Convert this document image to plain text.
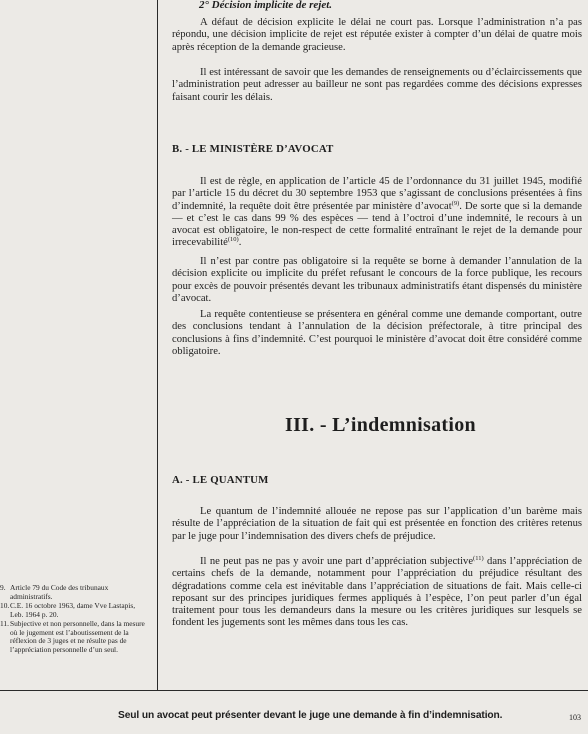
2° Décision implicite de rejet.

A défaut de décision explicite le délai ne court pas. Lorsque l’administration n’a pas répondu, une décision implicite de rejet est réputée exister à compter d’un délai de quatre mois après réception de la demande gracieuse.

Il est intéressant de savoir que les demandes de renseignements ou d’éclaircissements que l’administration peut adresser au bailleur ne sont pas regardées comme des décisions expresses faisant courir les délais.

B. - LE MINISTÈRE D’AVOCAT

Il est de règle, en application de l’article 45 de l’ordonnance du 31 juillet 1945, modifié par l’article 15 du décret du 30 septembre 1953 que s’agissant de conclusions présentées à fins d’indemnité, la requête doit être présentée par ministère d’avocat$^{(9)}$. De sorte que si la demande — et c’est le cas dans 99 % des espèces — tend à l’octroi d’une indemnité, le recours à un avocat est obligatoire, le non-respect de cette formalité entraînant le rejet de la demande pour irrecevabilité$^{(10)}$.

Il n’est par contre pas obligatoire si la requête se borne à demander l’annulation de la décision explicite ou implicite du préfet refusant le concours de la force publique, les recours pour excès de pouvoir présentés devant les tribunaux administratifs étant dispensés du ministère d’avocat.

La requête contentieuse se présentera en général comme une demande comportant, outre des conclusions tendant à l’annulation de la décision préfectorale, à titre principal des conclusions à fins d’indemnité. C’est pourquoi le ministère d’avocat doit être considéré comme obligatoire.

III. - L’indemnisation
A. - LE QUANTUM

Le quantum de l’indemnité allouée ne repose pas sur l’application d’un barème mais résulte de l’appréciation de la situation de fait qui est présentée en fonction des critères retenus par le juge pour l’indemnisation des divers chefs de préjudice.

Il ne peut pas ne pas y avoir une part d’appréciation subjective$^{(11)}$ dans l’appréciation de certains chefs de la demande, notamment pour l’appréciation du préjudice résultant des dégradations comme cela est inévitable dans l’appréciation de situations de fait. Mais celle-ci reposant sur des principes juridiques fermes appliqués à l’espèce, l’on peut parler d’un égal traitement pour tous les demandeurs dans la mesure ou les critères juridiques sur lesquels se fondent les jugements sont les mêmes dans tous les cas.

9. Article 79 du Code des tribunaux administratifs.
10. C.E. 16 octobre 1963, dame Vve Lastapis, Leb. 1964 p. 20.
11. Subjective et non personnelle, dans la mesure où le jugement est l’aboutissement de la réflexion de 3 juges et ne résulte pas de l’appréciation personnelle d’un seul.
Seul un avocat peut présenter devant le juge une demande à fin d’indemnisation.	103
